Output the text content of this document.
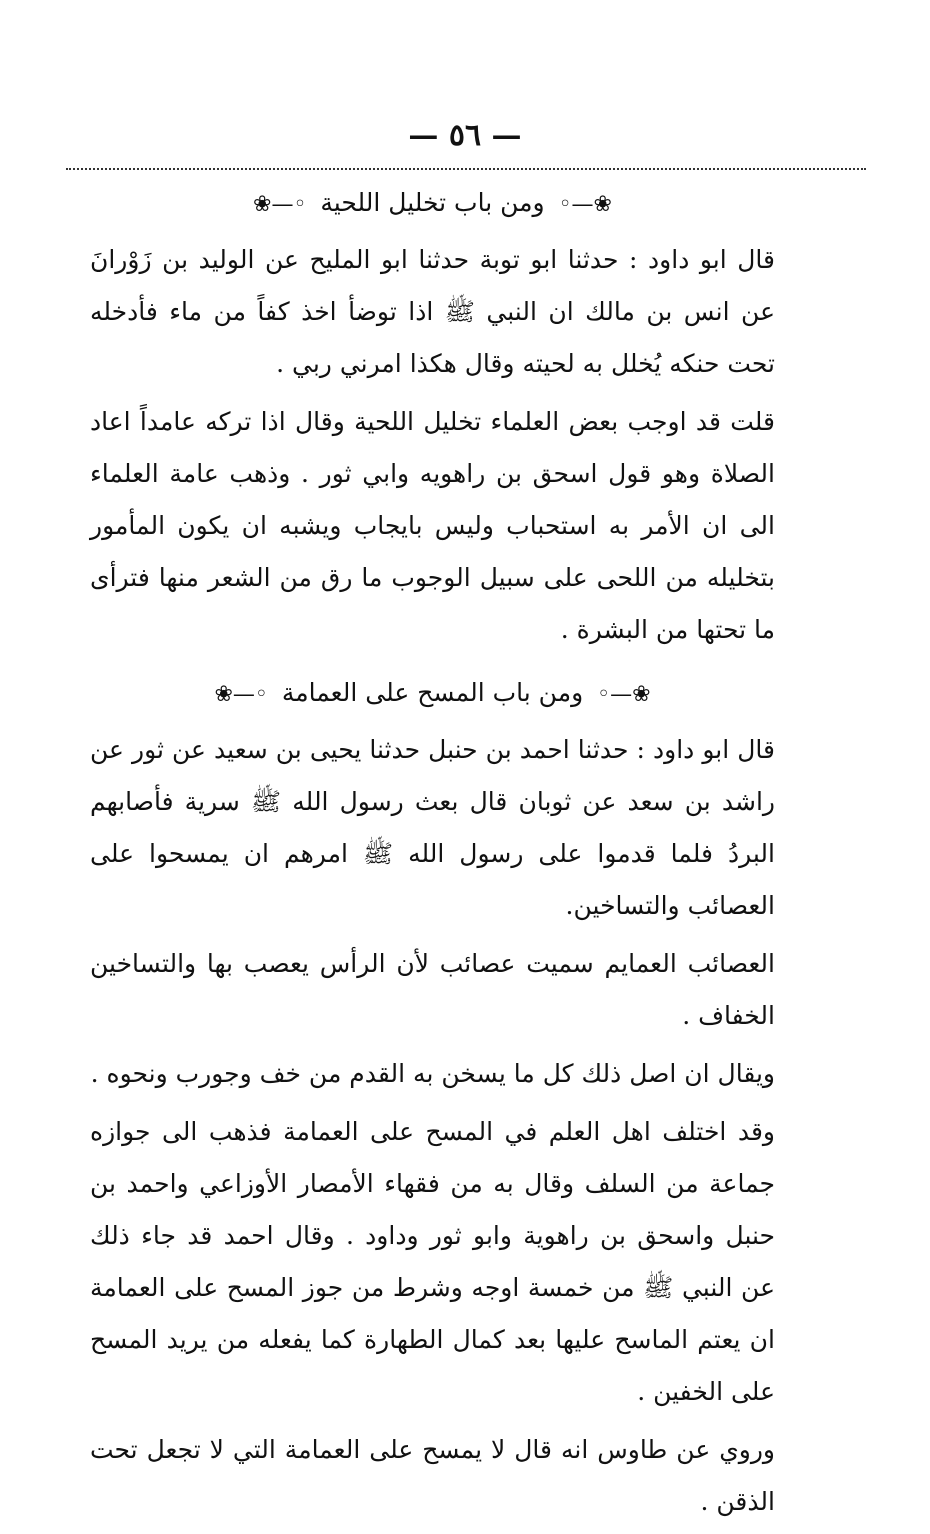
— ٥٦ —
❀—◦ ومن باب تخليل اللحية ◦—❀

قال ابو داود : حدثنا ابو توبة حدثنا ابو المليح عن الوليد بن زَوْرانَ عن انس بن مالك ان النبي ﷺ اذا توضأ اخذ كفاً من ماء فأدخله تحت حنكه يُخلل به لحيته وقال هكذا امرني ربي .

قلت قد اوجب بعض العلماء تخليل اللحية وقال اذا تركه عامداً اعاد الصلاة وهو قول اسحق بن راهويه وابي ثور . وذهب عامة العلماء الى ان الأمر به استحباب وليس بايجاب ويشبه ان يكون المأمور بتخليله من اللحى على سبيل الوجوب ما رق من الشعر منها فترأى ما تحتها من البشرة .

❀—◦ ومن باب المسح على العمامة ◦—❀

قال ابو داود : حدثنا احمد بن حنبل حدثنا يحيى بن سعيد عن ثور عن راشد بن سعد عن ثوبان قال بعث رسول الله ﷺ سرية فأصابهم البردُ فلما قدموا على رسول الله ﷺ امرهم ان يمسحوا على العصائب والتساخين.

العصائب العمايم سميت عصائب لأن الرأس يعصب بها والتساخين الخفاف .

ويقال ان اصل ذلك كل ما يسخن به القدم من خف وجورب ونحوه .

وقد اختلف اهل العلم في المسح على العمامة فذهب الى جوازه جماعة من السلف وقال به من فقهاء الأمصار الأوزاعي واحمد بن حنبل واسحق بن راهوية وابو ثور وداود . وقال احمد قد جاء ذلك عن النبي ﷺ من خمسة اوجه وشرط من جوز المسح على العمامة ان يعتم الماسح عليها بعد كمال الطهارة كما يفعله من يريد المسح على الخفين .

وروي عن طاوس انه قال لا يمسح على العمامة التي لا تجعل تحت الذقن .
